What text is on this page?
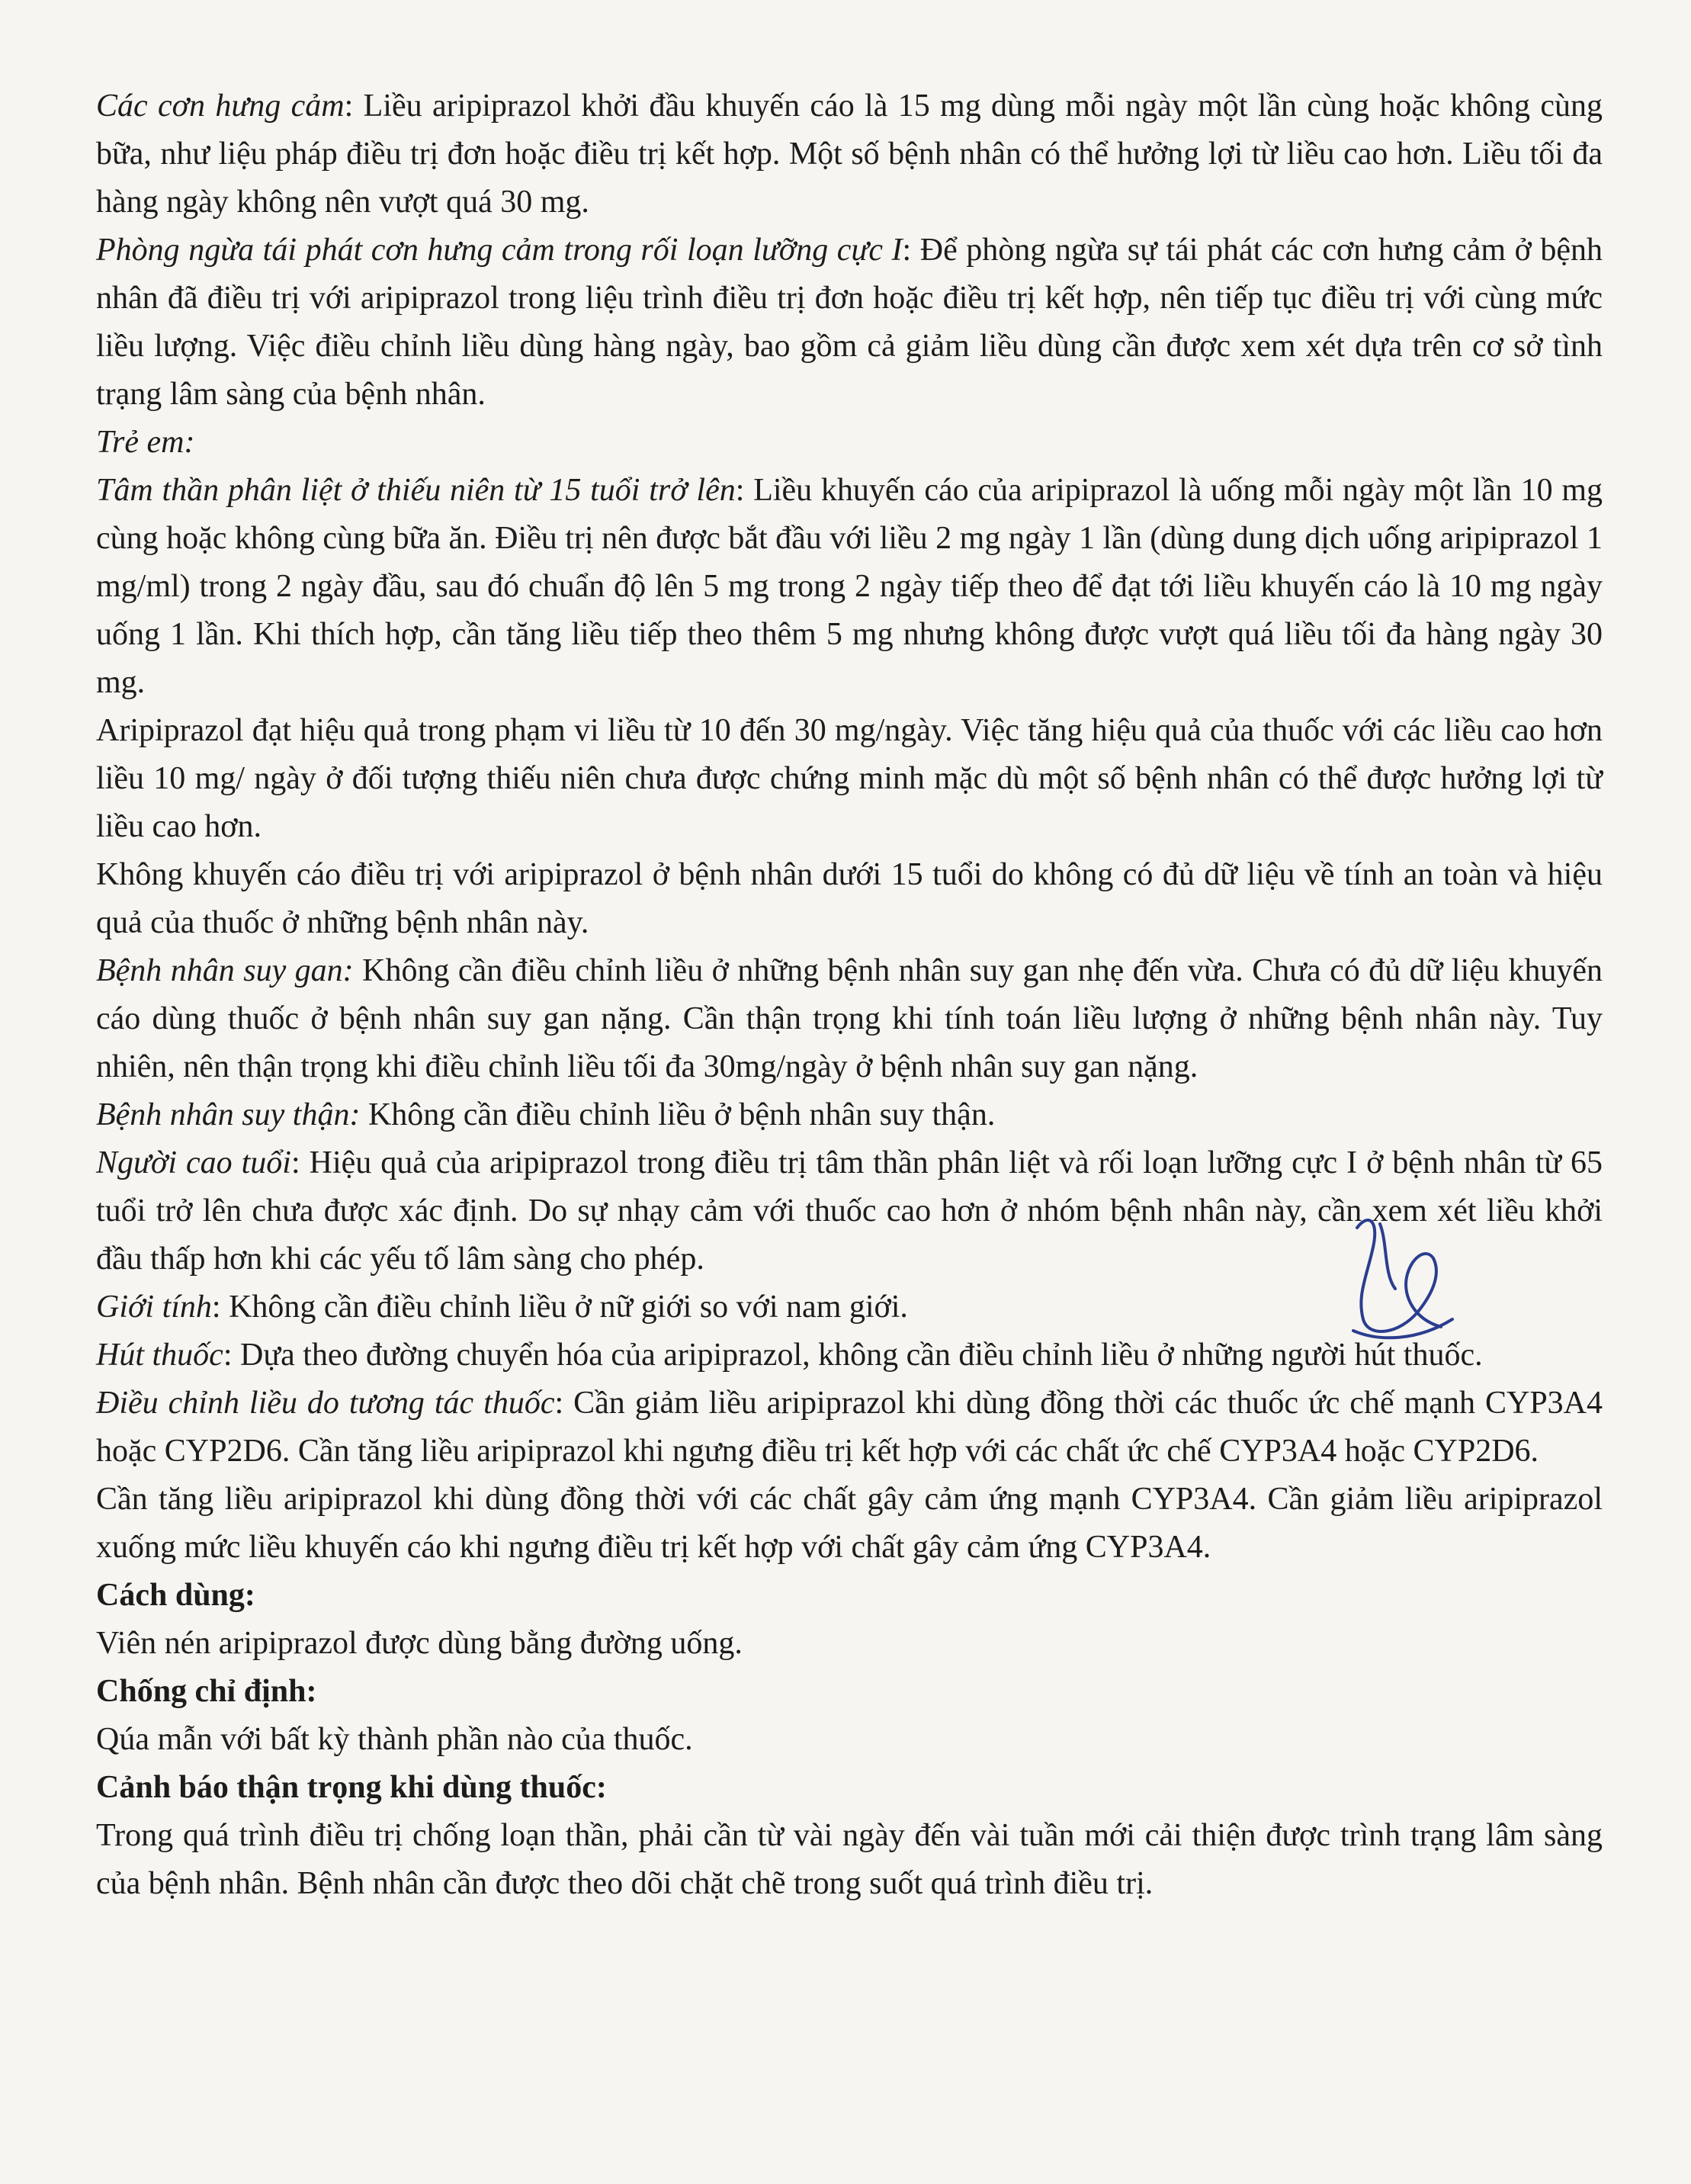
Các cơn hưng cảm: Liều aripiprazol khởi đầu khuyến cáo là 15 mg dùng mỗi ngày một lần cùng hoặc không cùng bữa, như liệu pháp điều trị đơn hoặc điều trị kết hợp. Một số bệnh nhân có thể hưởng lợi từ liều cao hơn. Liều tối đa hàng ngày không nên vượt quá 30 mg.

Phòng ngừa tái phát cơn hưng cảm trong rối loạn lưỡng cực I: Để phòng ngừa sự tái phát các cơn hưng cảm ở bệnh nhân đã điều trị với aripiprazol trong liệu trình điều trị đơn hoặc điều trị kết hợp, nên tiếp tục điều trị với cùng mức liều lượng. Việc điều chỉnh liều dùng hàng ngày, bao gồm cả giảm liều dùng cần được xem xét dựa trên cơ sở tình trạng lâm sàng của bệnh nhân.

Trẻ em:

Tâm thần phân liệt ở thiếu niên từ 15 tuổi trở lên: Liều khuyến cáo của aripiprazol là uống mỗi ngày một lần 10 mg cùng hoặc không cùng bữa ăn. Điều trị nên được bắt đầu với liều 2 mg ngày 1 lần (dùng dung dịch uống aripiprazol 1 mg/ml) trong 2 ngày đầu, sau đó chuẩn độ lên 5 mg trong 2 ngày tiếp theo để đạt tới liều khuyến cáo là 10 mg ngày uống 1 lần. Khi thích hợp, cần tăng liều tiếp theo thêm 5 mg nhưng không được vượt quá liều tối đa hàng ngày 30 mg.

Aripiprazol đạt hiệu quả trong phạm vi liều từ 10 đến 30 mg/ngày. Việc tăng hiệu quả của thuốc với các liều cao hơn liều 10 mg/ ngày ở đối tượng thiếu niên chưa được chứng minh mặc dù một số bệnh nhân có thể được hưởng lợi từ liều cao hơn.

Không khuyến cáo điều trị với aripiprazol ở bệnh nhân dưới 15 tuổi do không có đủ dữ liệu về tính an toàn và hiệu quả của thuốc ở những bệnh nhân này.

Bệnh nhân suy gan: Không cần điều chỉnh liều ở những bệnh nhân suy gan nhẹ đến vừa. Chưa có đủ dữ liệu khuyến cáo dùng thuốc ở bệnh nhân suy gan nặng. Cần thận trọng khi tính toán liều lượng ở những bệnh nhân này. Tuy nhiên, nên thận trọng khi điều chỉnh liều tối đa 30mg/ngày ở bệnh nhân suy gan nặng.

Bệnh nhân suy thận: Không cần điều chỉnh liều ở bệnh nhân suy thận.

Người cao tuổi: Hiệu quả của aripiprazol trong điều trị tâm thần phân liệt và rối loạn lưỡng cực I ở bệnh nhân từ 65 tuổi trở lên chưa được xác định. Do sự nhạy cảm với thuốc cao hơn ở nhóm bệnh nhân này, cần xem xét liều khởi đầu thấp hơn khi các yếu tố lâm sàng cho phép.

Giới tính: Không cần điều chỉnh liều ở nữ giới so với nam giới.

Hút thuốc: Dựa theo đường chuyển hóa của aripiprazol, không cần điều chỉnh liều ở những người hút thuốc.

Điều chỉnh liều do tương tác thuốc: Cần giảm liều aripiprazol khi dùng đồng thời các thuốc ức chế mạnh CYP3A4 hoặc CYP2D6. Cần tăng liều aripiprazol khi ngưng điều trị kết hợp với các chất ức chế CYP3A4 hoặc CYP2D6.

Cần tăng liều aripiprazol khi dùng đồng thời với các chất gây cảm ứng mạnh CYP3A4. Cần giảm liều aripiprazol xuống mức liều khuyến cáo khi ngưng điều trị kết hợp với chất gây cảm ứng CYP3A4.

Cách dùng:

Viên nén aripiprazol được dùng bằng đường uống.

Chống chỉ định:

Qúa mẫn với bất kỳ thành phần nào của thuốc.

Cảnh báo thận trọng khi dùng thuốc:

Trong quá trình điều trị chống loạn thần, phải cần từ vài ngày đến vài tuần mới cải thiện được trình trạng lâm sàng của bệnh nhân. Bệnh nhân cần được theo dõi chặt chẽ trong suốt quá trình điều trị.
